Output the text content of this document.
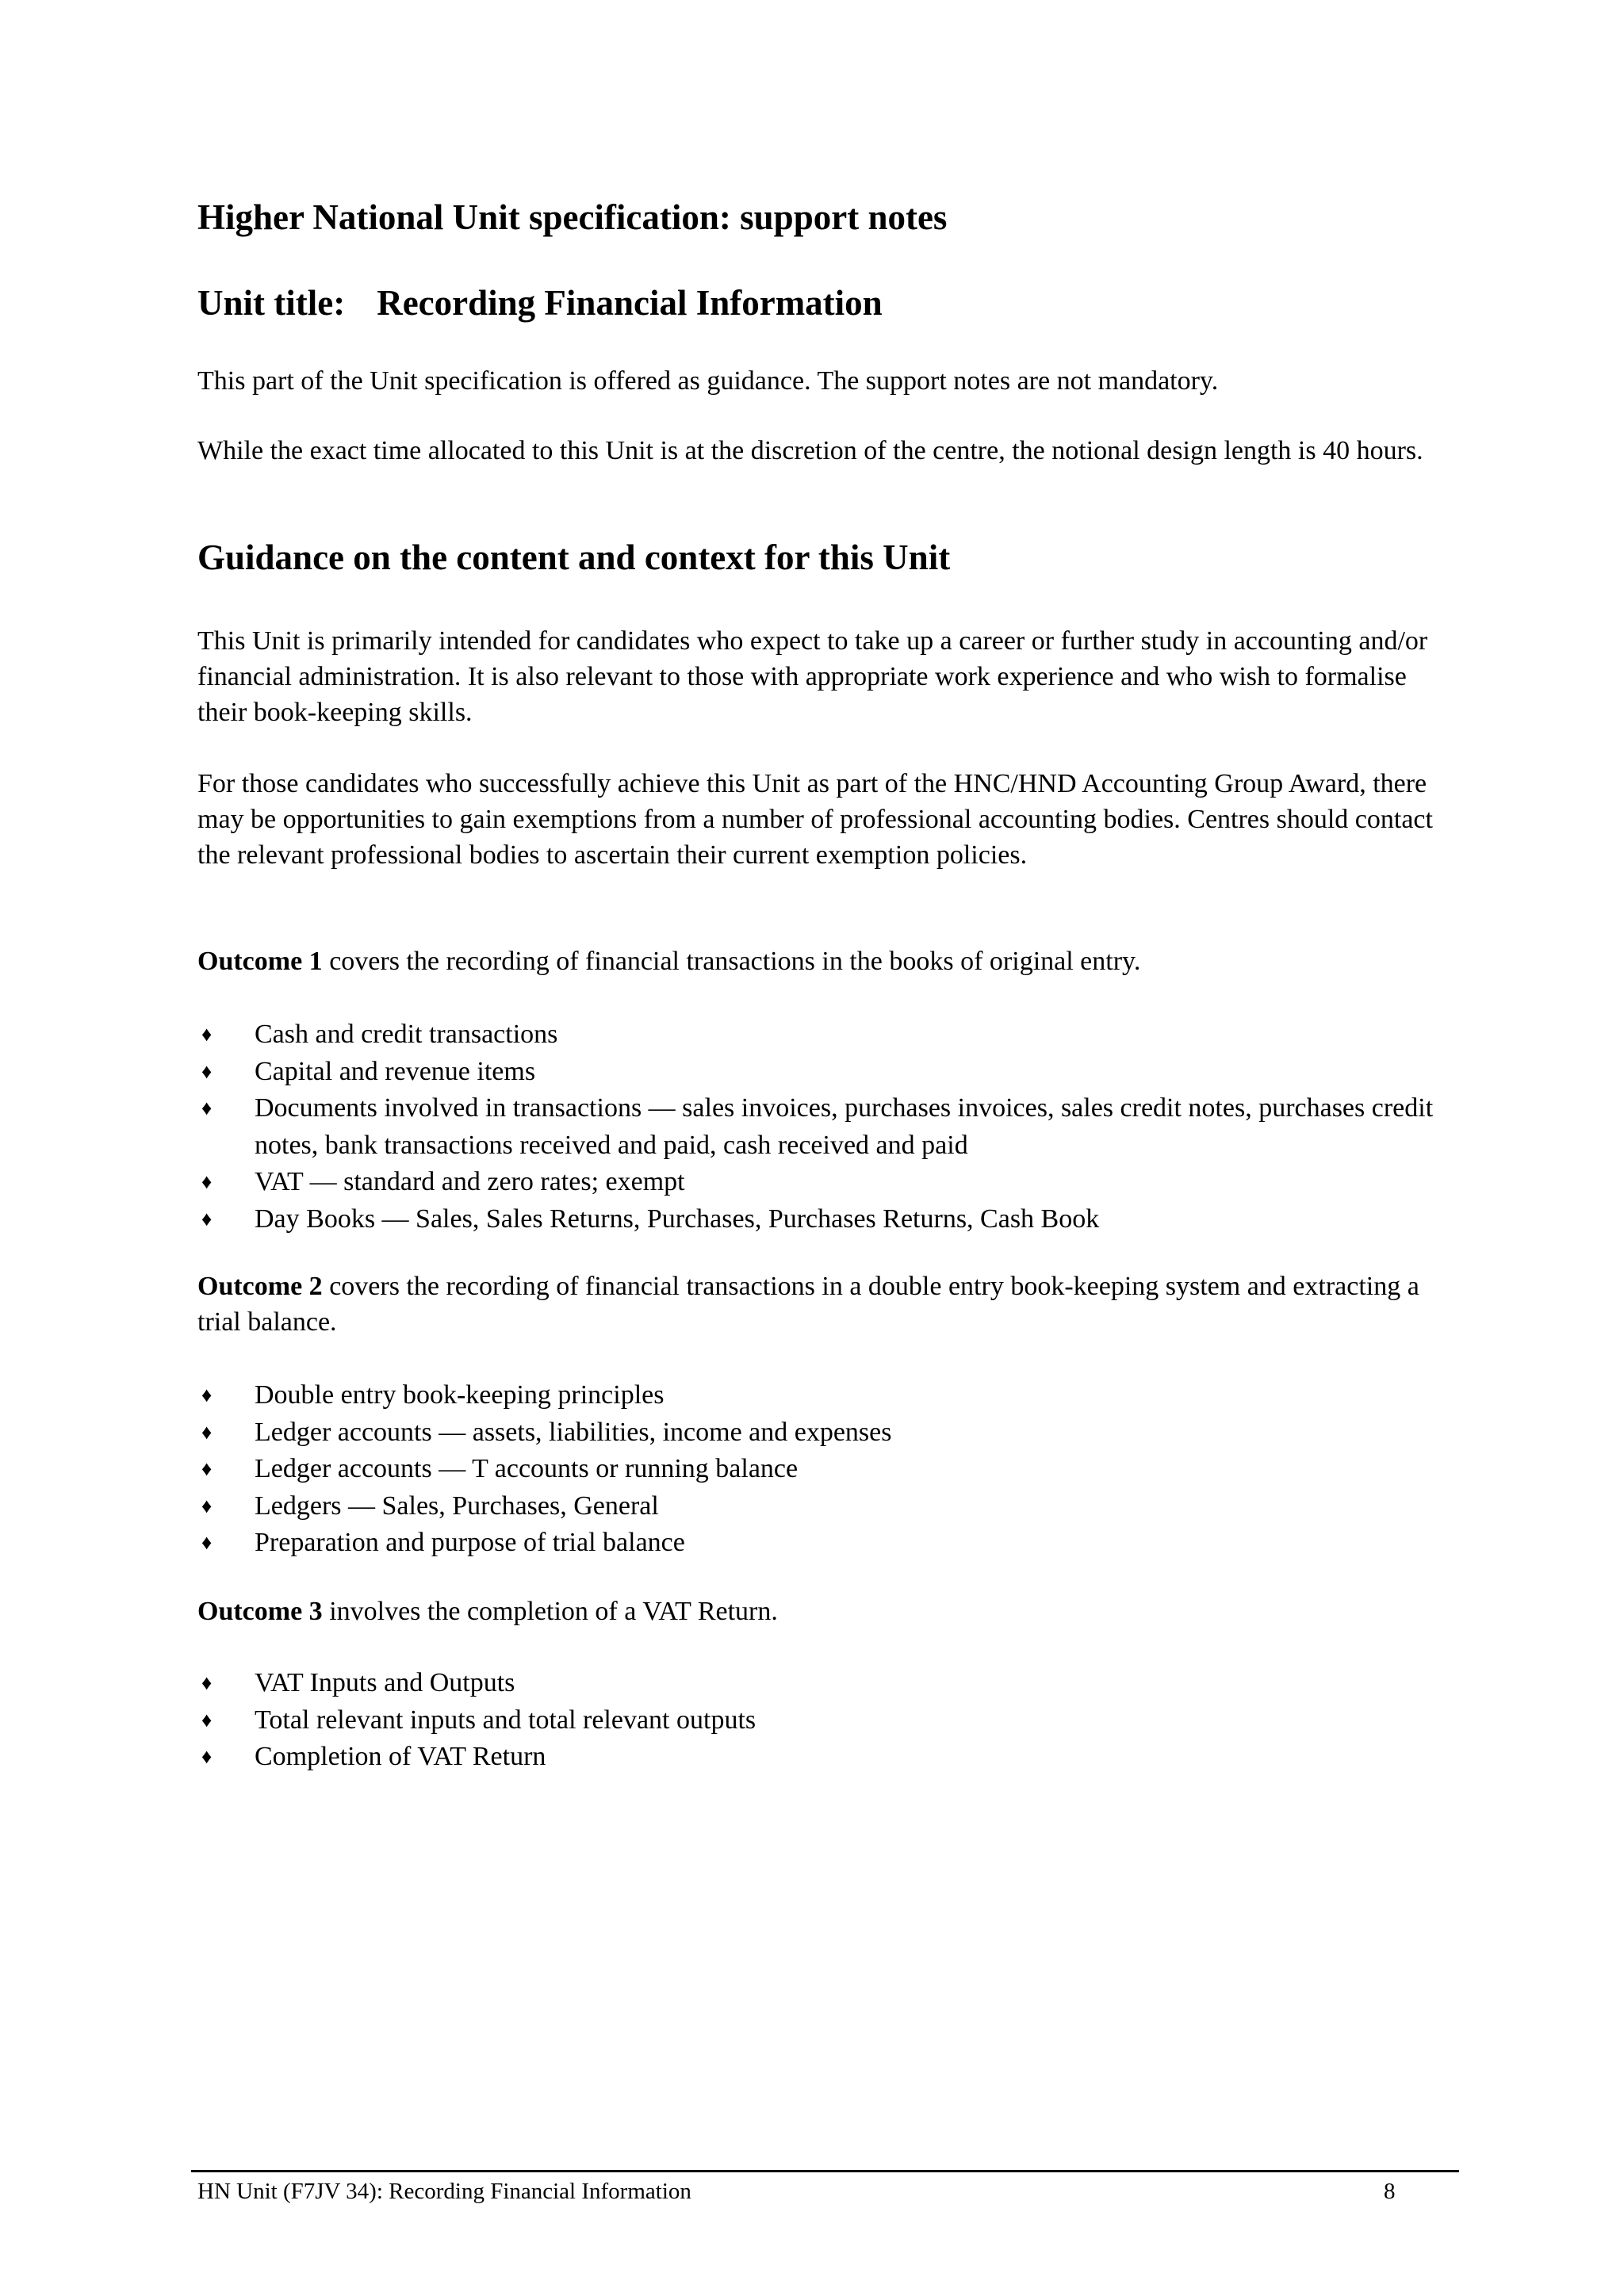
Higher National Unit specification: support notes
Unit title: Recording Financial Information

This part of the Unit specification is offered as guidance. The support notes are not mandatory.

While the exact time allocated to this Unit is at the discretion of the centre, the notional design length is 40 hours.

Guidance on the content and context for this Unit

This Unit is primarily intended for candidates who expect to take up a career or further study in accounting and/or financial administration. It is also relevant to those with appropriate work experience and who wish to formalise their book-keeping skills.

For those candidates who successfully achieve this Unit as part of the HNC/HND Accounting Group Award, there may be opportunities to gain exemptions from a number of professional accounting bodies. Centres should contact the relevant professional bodies to ascertain their current exemption policies.

Outcome 1 covers the recording of financial transactions in the books of original entry.

♦ Cash and credit transactions
♦ Capital and revenue items
♦ Documents involved in transactions — sales invoices, purchases invoices, sales credit notes, purchases credit notes, bank transactions received and paid, cash received and paid
♦ VAT — standard and zero rates; exempt
♦ Day Books — Sales, Sales Returns, Purchases, Purchases Returns, Cash Book

Outcome 2 covers the recording of financial transactions in a double entry book-keeping system and extracting a trial balance.

♦ Double entry book-keeping principles
♦ Ledger accounts — assets, liabilities, income and expenses
♦ Ledger accounts — T accounts or running balance
♦ Ledgers — Sales, Purchases, General
♦ Preparation and purpose of trial balance

Outcome 3 involves the completion of a VAT Return.

♦ VAT Inputs and Outputs
♦ Total relevant inputs and total relevant outputs
♦ Completion of VAT Return
HN Unit (F7JV 34): Recording Financial Information	8
